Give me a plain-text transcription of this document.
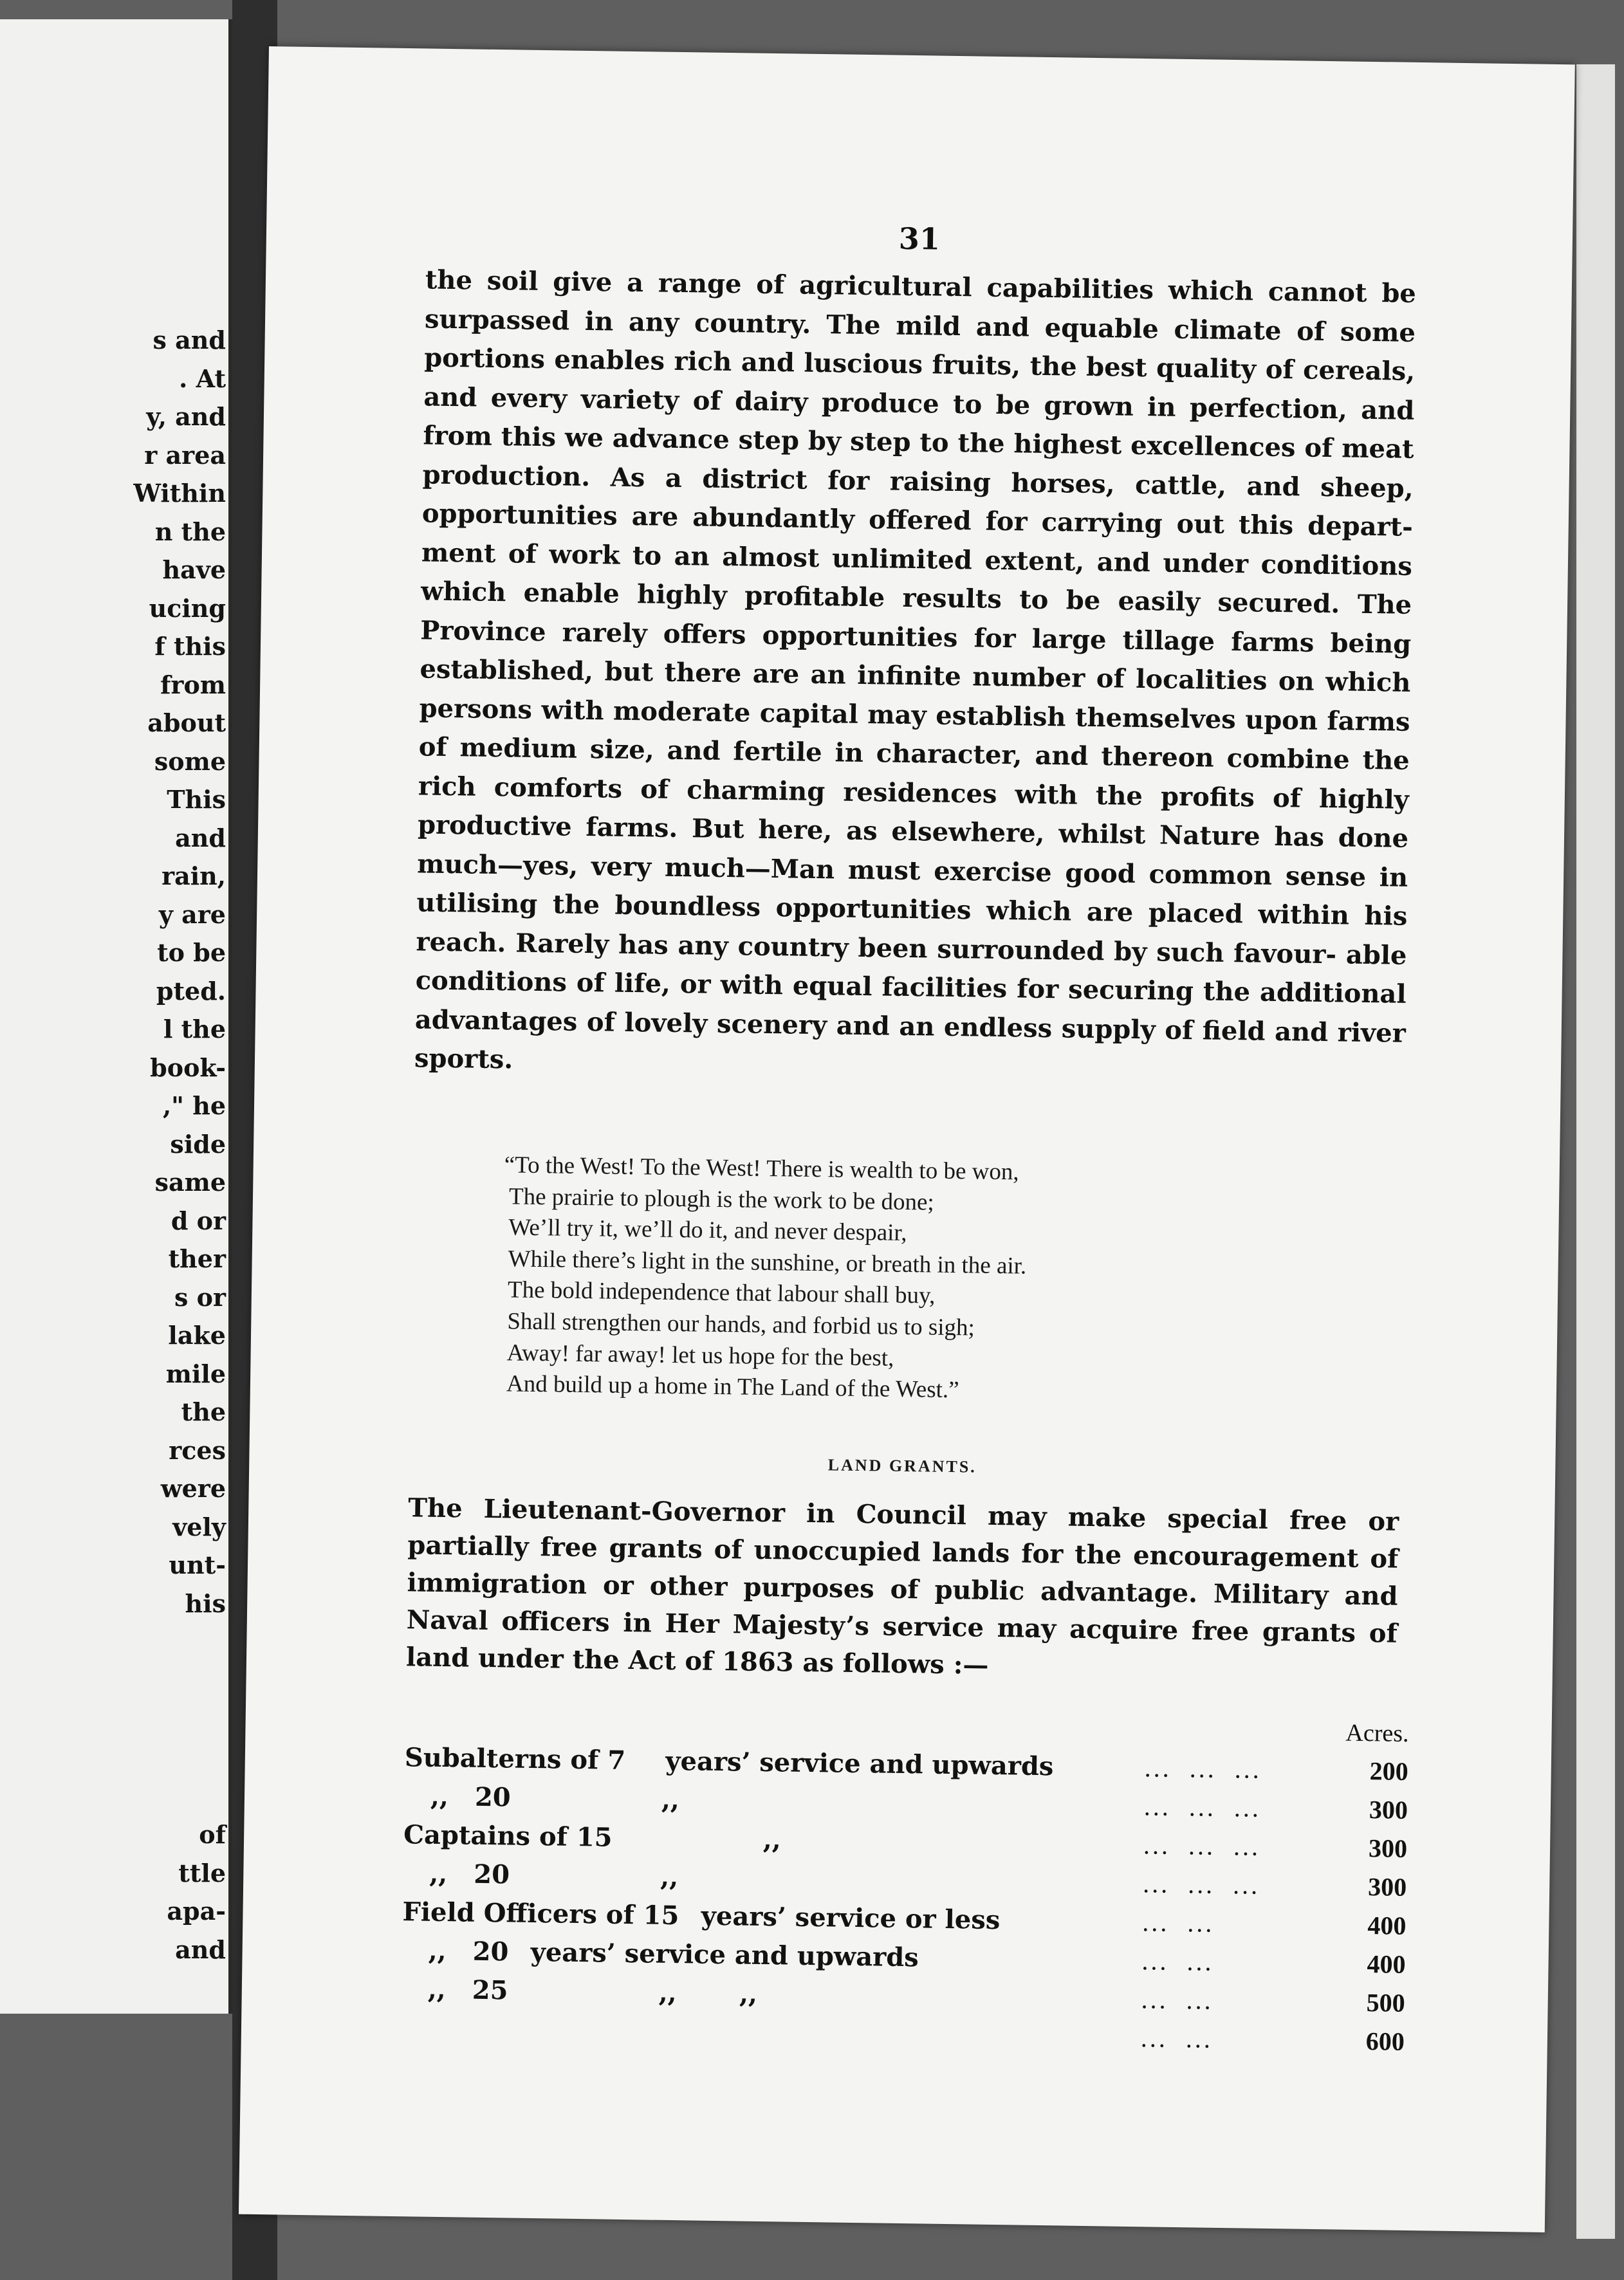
s and

. At

y, and

r area

Within

n the

have

ucing

f this

from

about

some

This

and

rain,

y are

to be

pted.

l the

book-

," he

side

same

d or

ther

s or

lake

mile

the

rces

were

vely

unt-

his

of

ttle

apa-

and

31

the soil give a range of agricultural capabilities which cannot be surpassed in any country. The mild and equable climate of some portions enables rich and luscious fruits, the best quality of cereals, and every variety of dairy produce to be grown in perfection, and from this we advance step by step to the highest excellences of meat production. As a district for raising horses, cattle, and sheep, opportunities are abundantly offered for carrying out this depart- ment of work to an almost unlimited extent, and under conditions which enable highly profitable results to be easily secured. The Province rarely offers opportunities for large tillage farms being established, but there are an infinite number of localities on which persons with moderate capital may establish themselves upon farms of medium size, and fertile in character, and thereon combine the rich comforts of charming residences with the profits of highly productive farms. But here, as elsewhere, whilst Nature has done much—yes, very much—Man must exercise good common sense in utilising the boundless opportunities which are placed within his reach. Rarely has any country been surrounded by such favour- able conditions of life, or with equal facilities for securing the additional advantages of lovely scenery and an endless supply of field and river sports.

“To the West! To the West! There is wealth to be won,
The prairie to plough is the work to be done;
We’ll try it, we’ll do it, and never despair,
While there’s light in the sunshine, or breath in the air.
The bold independence that labour shall buy,
Shall strengthen our hands, and forbid us to sigh;
Away! far away! let us hope for the best,
And build up a home in The Land of the West.”
LAND GRANTS.

The Lieutenant-Governor in Council may make special free or partially free grants of unoccupied lands for the encouragement of immigration or other purposes of public advantage. Military and Naval officers in Her Majesty’s service may acquire free grants of land under the Act of 1863 as follows :—

		Acres.
Subalterns of 7 years’ service and upwards	...  ...  ...	200
,, 20 ,,	...  ...  ...	300
Captains of 15 ,,	...  ...  ...	300
,, 20 ,,	...  ...  ...	300
Field Officers of 15 years’ service or less	...  ...	400
,, 20 years’ service and upwards	...  ...	400
,, 25 ,,       ,,	...  ...	500
	...  ...	600
